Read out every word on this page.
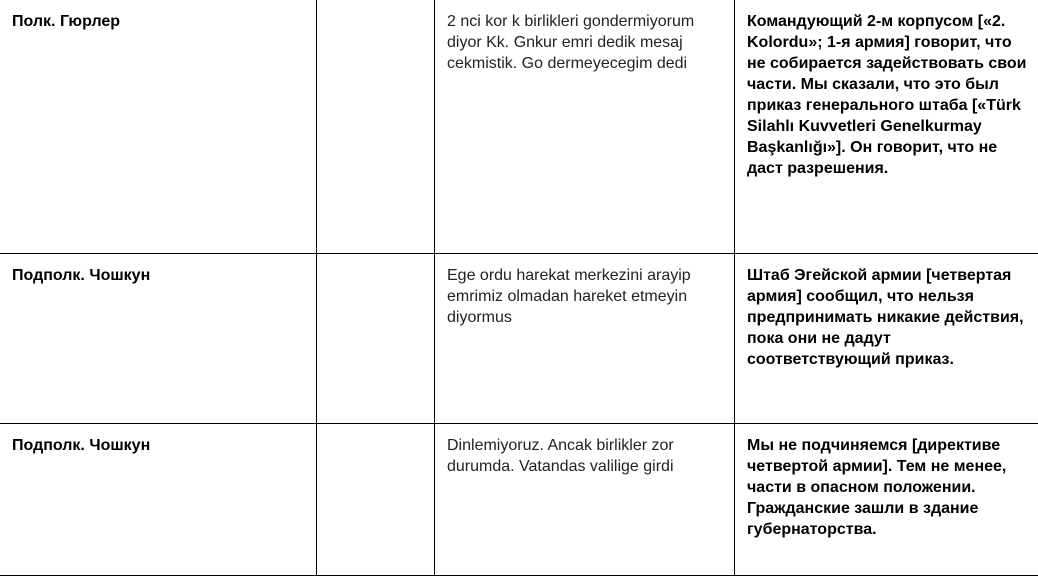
Полк. Гюрлер		2 nci kor k birlikleri gondermiyorum diyor Kk. Gnkur emri dedik mesaj cekmistik. Go dermeyecegim dedi	Командующий 2-м корпусом [«2. Kolordu»; 1-я армия] говорит, что не собирается задействовать свои части. Мы сказали, что это был приказ генерального штаба [«Türk Silahlı Kuvvetleri Genelkurmay Başkanlığı»]. Он говорит, что не даст разрешения.
Подполк. Чошкун		Ege ordu harekat merkezini arayip emrimiz olmadan hareket etmeyin diyormus	Штаб Эгейской армии [четвертая армия] сообщил, что нельзя предпринимать никакие действия, пока они не дадут соответствующий приказ.
Подполк. Чошкун		Dinlemiyoruz. Ancak birlikler zor durumda. Vatandas valilige girdi	Мы не подчиняемся [директиве четвертой армии]. Тем не менее, части в опасном положении. Гражданские зашли в здание губернаторства.
